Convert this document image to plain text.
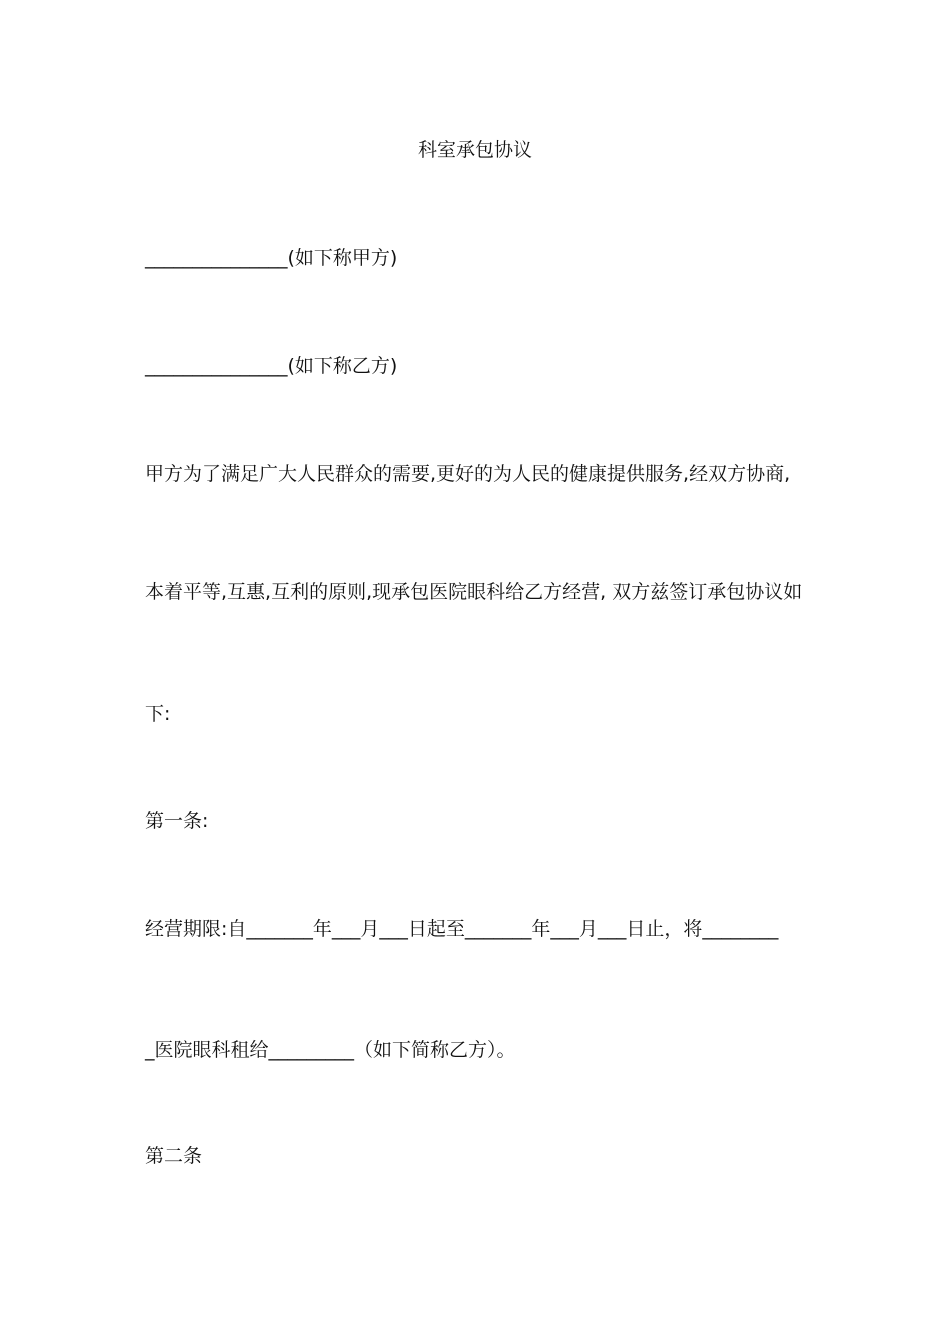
科室承包协议

_______________(如下称甲方)

_______________(如下称乙方)

甲方为了满足广大人民群众的需要,更好的为人民的健康提供服务,经双方协商,

本着平等,互惠,互利的原则,现承包医院眼科给乙方经营, 双方兹签订承包协议如

下:

第一条:

经营期限:自_______年___月___日起至_______年___月___日止，将________

_医院眼科租给_________（如下简称乙方）。

第二条
